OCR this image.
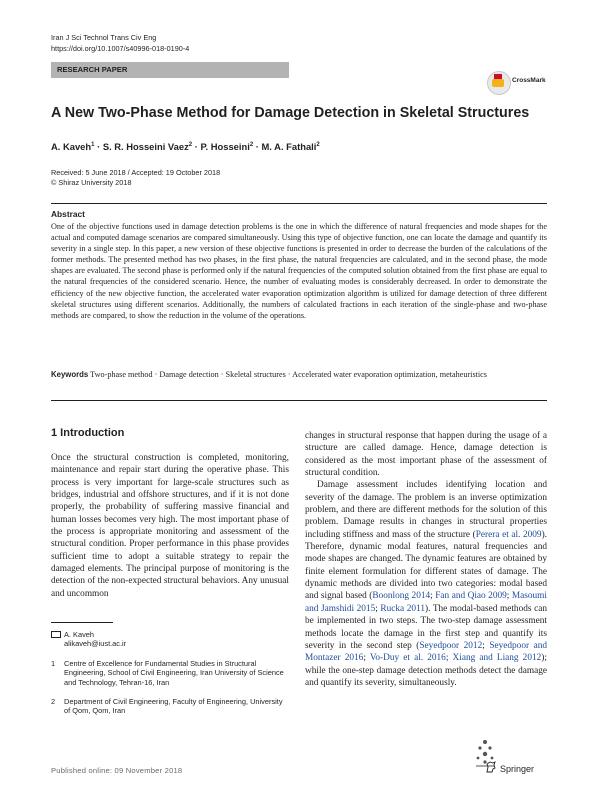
Iran J Sci Technol Trans Civ Eng
https://doi.org/10.1007/s40996-018-0190-4
RESEARCH PAPER
CrossMark
A New Two-Phase Method for Damage Detection in Skeletal Structures
A. Kaveh$^1$ · S. R. Hosseini Vaez$^2$ · P. Hosseini$^2$ · M. A. Fathali$^2$
Received: 5 June 2018 / Accepted: 19 October 2018
© Shiraz University 2018
Abstract
One of the objective functions used in damage detection problems is the one in which the difference of natural frequencies and mode shapes for the actual and computed damage scenarios are compared simultaneously. Using this type of objective function, one can locate the damage and quantify its severity in a single step. In this paper, a new version of these objective functions is presented in order to decrease the burden of the calculations of the former methods. The presented method has two phases, in the first phase, the natural frequencies are calculated, and in the second phase, the mode shapes are evaluated. The second phase is performed only if the natural frequencies of the computed solution obtained from the first phase are equal to the natural frequencies of the considered scenario. Hence, the number of evaluating modes is considerably decreased. In order to demonstrate the efficiency of the new objective function, the accelerated water evaporation optimization algorithm is utilized for damage detection of three different skeletal structures using different scenarios. Additionally, the numbers of calculated fractions in each iteration of the single-phase and two-phase methods are compared, to show the reduction in the volume of the operations.
Keywords Two-phase method · Damage detection · Skeletal structures · Accelerated water evaporation optimization, metaheuristics
1 Introduction

Once the structural construction is completed, monitoring, maintenance and repair start during the operative phase. This process is very important for large-scale structures such as bridges, industrial and offshore structures, and if it is not done properly, the probability of suffering massive financial and human losses becomes very high. The most important phase of the process is appropriate monitoring and assessment of the structural condition. Proper performance in this phase provides sufficient time to adopt a suitable strategy to repair the damaged elements. The principal purpose of monitoring is the detection of the non-expected structural behaviors. Any unusual and uncommon

changes in structural response that happen during the usage of a structure are called damage. Hence, damage detection is considered as the most important phase of the assessment of structural condition.

Damage assessment includes identifying location and severity of the damage. The problem is an inverse optimization problem, and there are different methods for the solution of this problem. Damage results in changes in structural properties including stiffness and mass of the structure (Perera et al. 2009). Therefore, dynamic modal features, natural frequencies and mode shapes are changed. The dynamic features are obtained by finite element formulation for different states of damage. The dynamic methods are divided into two categories: modal based and signal based (Boonlong 2014; Fan and Qiao 2009; Masoumi and Jamshidi 2015; Rucka 2011). The modal-based methods can be implemented in two steps. The two-step damage assessment methods locate the damage in the first step and quantify its severity in the second step (Seyedpoor 2012; Seyedpoor and Montazer 2016; Vo-Duy et al. 2016; Xiang and Liang 2012); while the one-step damage detection methods detect the damage and quantify its severity, simultaneously.

A. Kaveh
alikaveh@iust.ac.ir
1 Centre of Excellence for Fundamental Studies in Structural Engineering, School of Civil Engineering, Iran University of Science and Technology, Tehran-16, Iran
2 Department of Civil Engineering, Faculty of Engineering, University of Qom, Qom, Iran
Published online: 09 November 2018	Springer
